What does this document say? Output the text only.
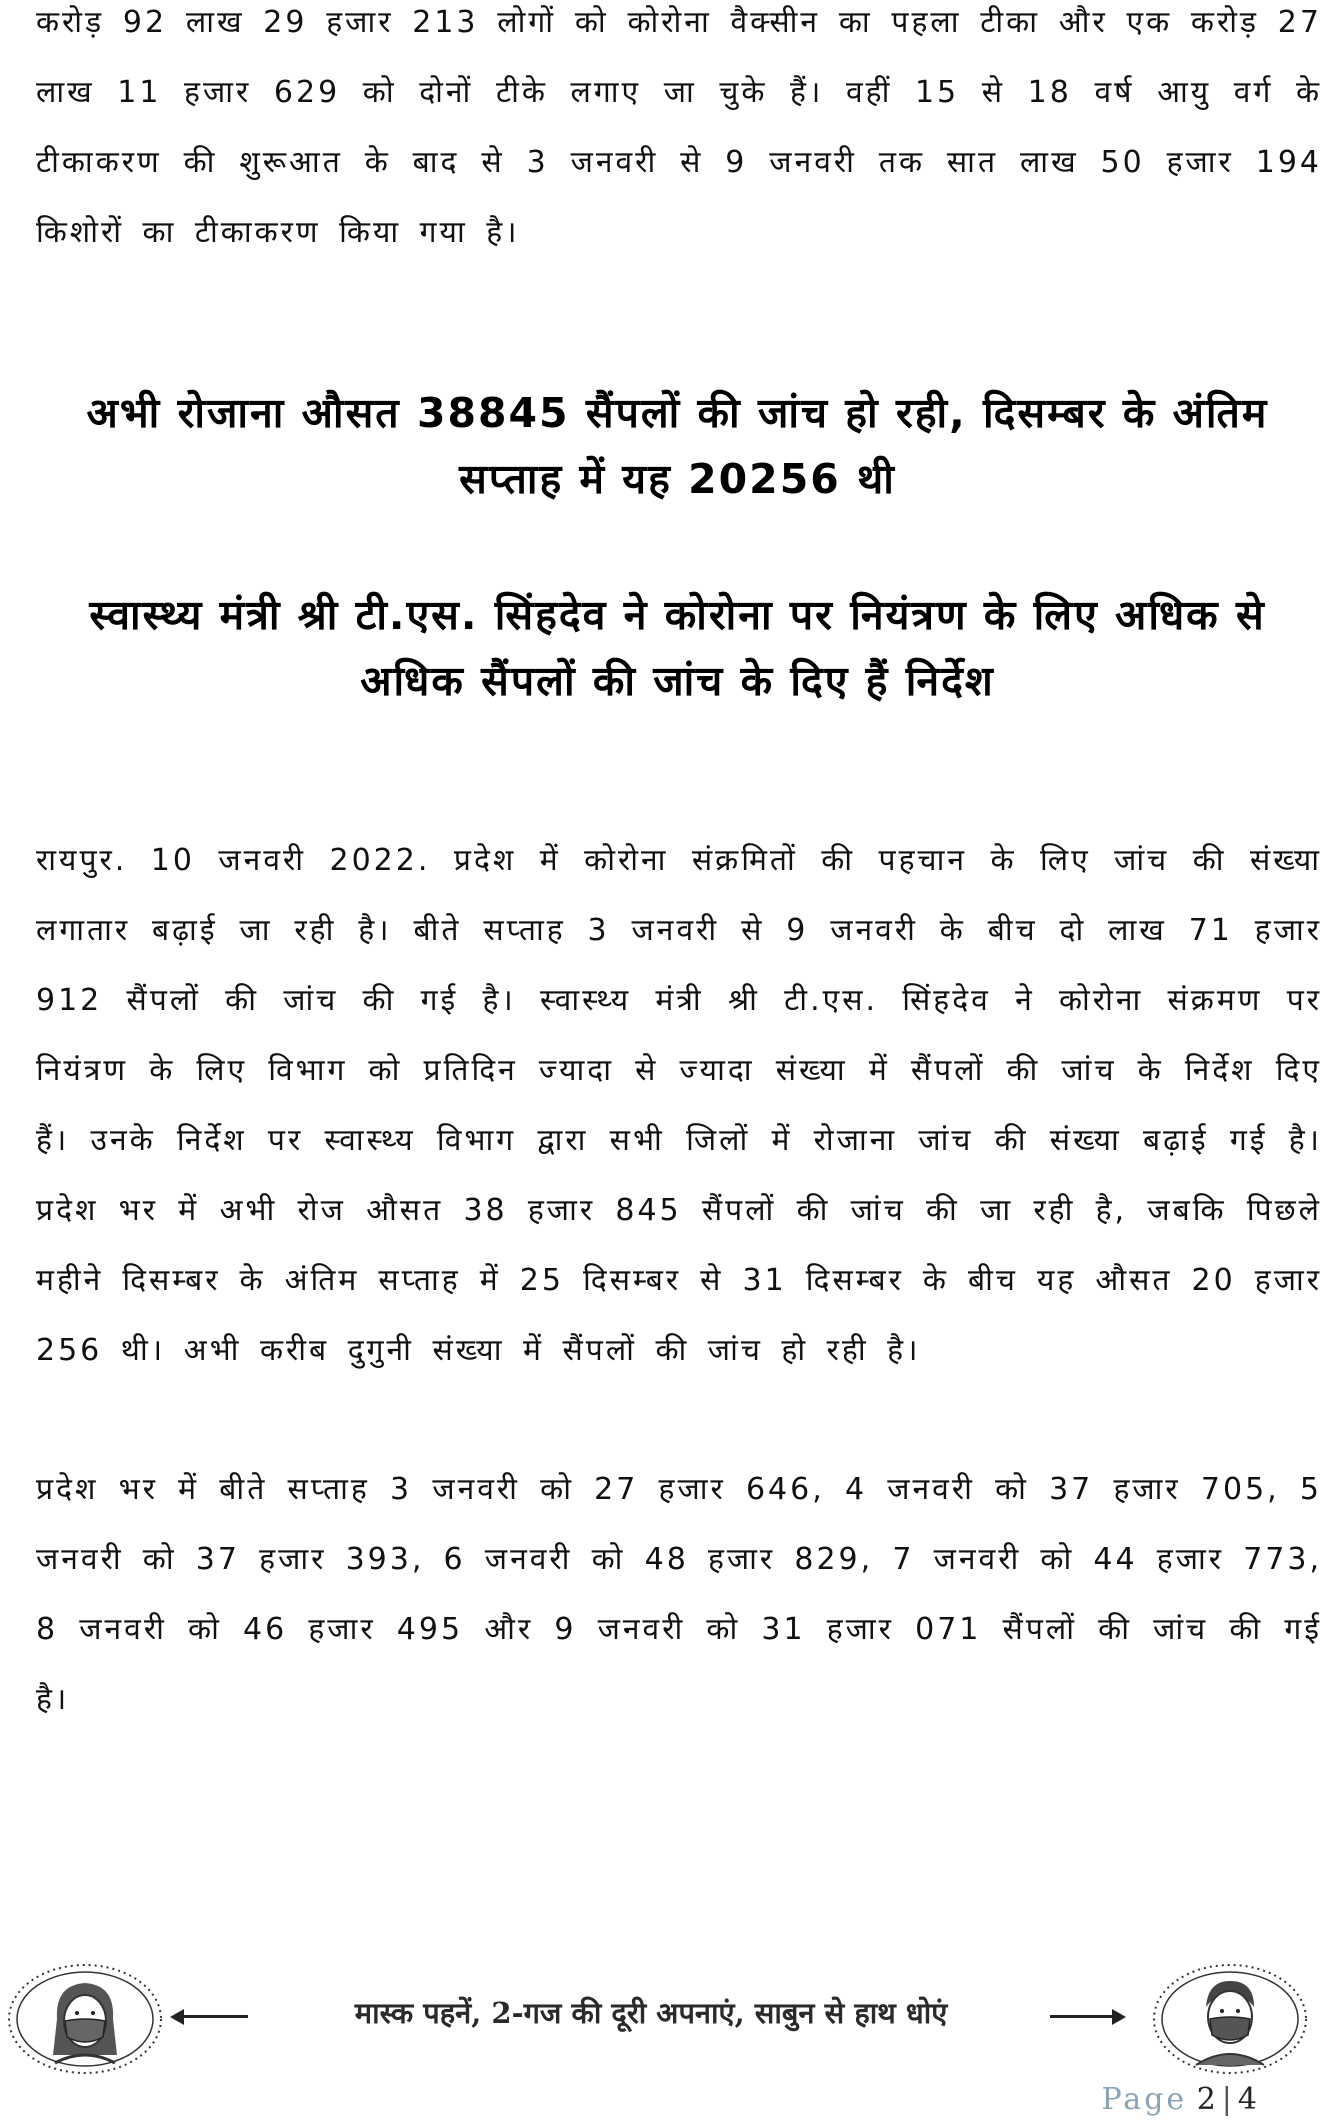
करोड़ 92 लाख 29 हजार 213 लोगों को कोरोना वैक्सीन का पहला टीका और एक करोड़ 27 लाख 11 हजार 629 को दोनों टीके लगाए जा चुके हैं। वहीं 15 से 18 वर्ष आयु वर्ग के टीकाकरण की शुरूआत के बाद से 3 जनवरी से 9 जनवरी तक सात लाख 50 हजार 194 किशोरों का टीकाकरण किया गया है।

अभी रोजाना औसत 38845 सैंपलों की जांच हो रही, दिसम्बर के अंतिम सप्ताह में यह 20256 थी
स्वास्थ्य मंत्री श्री टी.एस. सिंहदेव ने कोरोना पर नियंत्रण के लिए अधिक से अधिक सैंपलों की जांच के दिए हैं निर्देश

रायपुर. 10 जनवरी 2022. प्रदेश में कोरोना संक्रमितों की पहचान के लिए जांच की संख्या लगातार बढ़ाई जा रही है। बीते सप्ताह 3 जनवरी से 9 जनवरी के बीच दो लाख 71 हजार 912 सैंपलों की जांच की गई है। स्वास्थ्य मंत्री श्री टी.एस. सिंहदेव ने कोरोना संक्रमण पर नियंत्रण के लिए विभाग को प्रतिदिन ज्यादा से ज्यादा संख्या में सैंपलों की जांच के निर्देश दिए हैं। उनके निर्देश पर स्वास्थ्य विभाग द्वारा सभी जिलों में रोजाना जांच की संख्या बढ़ाई गई है। प्रदेश भर में अभी रोज औसत 38 हजार 845 सैंपलों की जांच की जा रही है, जबकि पिछले महीने दिसम्बर के अंतिम सप्ताह में 25 दिसम्बर से 31 दिसम्बर के बीच यह औसत 20 हजार 256 थी। अभी करीब दुगुनी संख्या में सैंपलों की जांच हो रही है।

प्रदेश भर में बीते सप्ताह 3 जनवरी को 27 हजार 646, 4 जनवरी को 37 हजार 705, 5 जनवरी को 37 हजार 393, 6 जनवरी को 48 हजार 829, 7 जनवरी को 44 हजार 773, 8 जनवरी को 46 हजार 495 और 9 जनवरी को 31 हजार 071 सैंपलों की जांच की गई है।

मास्क पहनें, 2-गज की दूरी अपनाएं, साबुन से हाथ धोएं
Page 2 | 4
